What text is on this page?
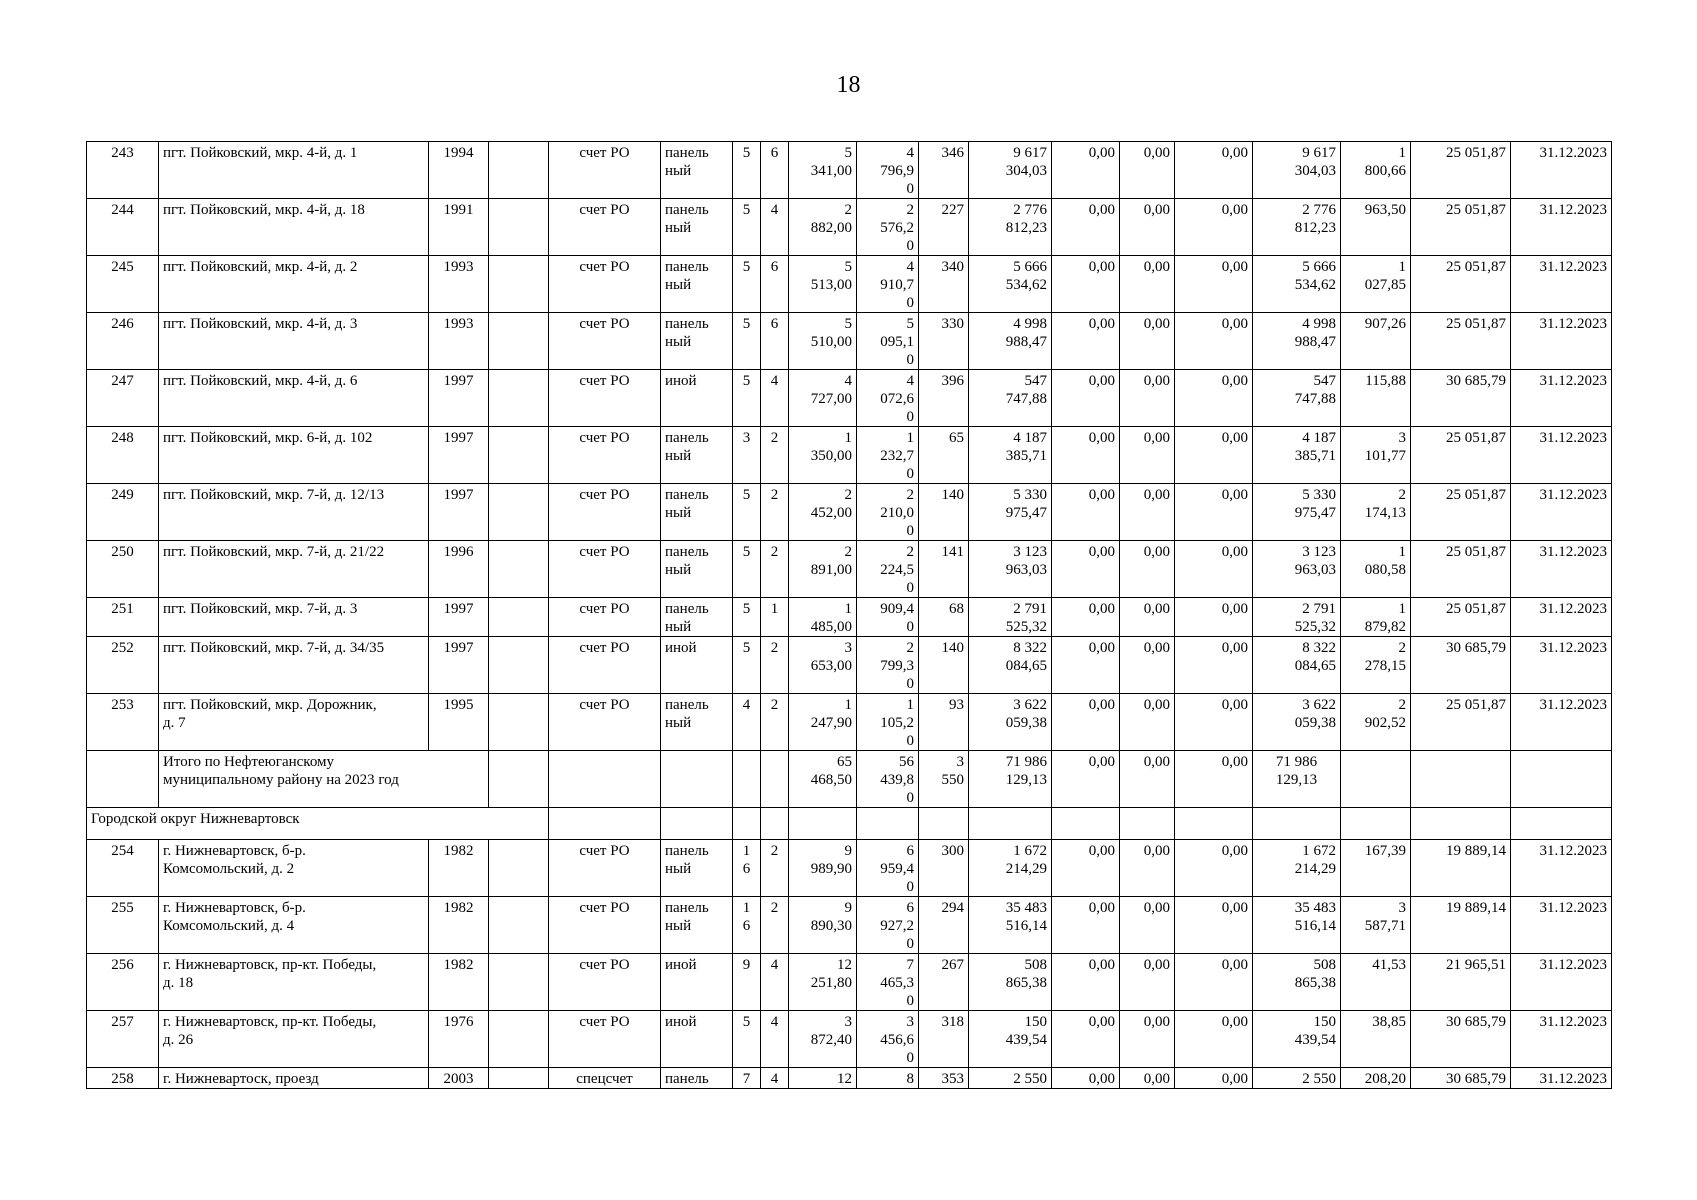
18
243	пгт. Пойковский, мкр. 4-й, д. 1	1994		счет РО	панель
ный	5	6	5
341,00	4
796,9
0	346	9 617
304,03	0,00	0,00	0,00	9 617
304,03	1
800,66	25 051,87	31.12.2023
244	пгт. Пойковский, мкр. 4-й, д. 18	1991		счет РО	панель
ный	5	4	2
882,00	2
576,2
0	227	2 776
812,23	0,00	0,00	0,00	2 776
812,23	963,50	25 051,87	31.12.2023
245	пгт. Пойковский, мкр. 4-й, д. 2	1993		счет РО	панель
ный	5	6	5
513,00	4
910,7
0	340	5 666
534,62	0,00	0,00	0,00	5 666
534,62	1
027,85	25 051,87	31.12.2023
246	пгт. Пойковский, мкр. 4-й, д. 3	1993		счет РО	панель
ный	5	6	5
510,00	5
095,1
0	330	4 998
988,47	0,00	0,00	0,00	4 998
988,47	907,26	25 051,87	31.12.2023
247	пгт. Пойковский, мкр. 4-й, д. 6	1997		счет РО	иной	5	4	4
727,00	4
072,6
0	396	547
747,88	0,00	0,00	0,00	547
747,88	115,88	30 685,79	31.12.2023
248	пгт. Пойковский, мкр. 6-й, д. 102	1997		счет РО	панель
ный	3	2	1
350,00	1
232,7
0	65	4 187
385,71	0,00	0,00	0,00	4 187
385,71	3
101,77	25 051,87	31.12.2023
249	пгт. Пойковский, мкр. 7-й, д. 12/13	1997		счет РО	панель
ный	5	2	2
452,00	2
210,0
0	140	5 330
975,47	0,00	0,00	0,00	5 330
975,47	2
174,13	25 051,87	31.12.2023
250	пгт. Пойковский, мкр. 7-й, д. 21/22	1996		счет РО	панель
ный	5	2	2
891,00	2
224,5
0	141	3 123
963,03	0,00	0,00	0,00	3 123
963,03	1
080,58	25 051,87	31.12.2023
251	пгт. Пойковский, мкр. 7-й, д. 3	1997		счет РО	панель
ный	5	1	1
485,00	909,4
0	68	2 791
525,32	0,00	0,00	0,00	2 791
525,32	1
879,82	25 051,87	31.12.2023
252	пгт. Пойковский, мкр. 7-й, д. 34/35	1997		счет РО	иной	5	2	3
653,00	2
799,3
0	140	8 322
084,65	0,00	0,00	0,00	8 322
084,65	2
278,15	30 685,79	31.12.2023
253	пгт. Пойковский, мкр. Дорожник,
д. 7	1995		счет РО	панель
ный	4	2	1
247,90	1
105,2
0	93	3 622
059,38	0,00	0,00	0,00	3 622
059,38	2
902,52	25 051,87	31.12.2023
	Итого по Нефтеюганскому
муниципальному району на 2023 год							65
468,50	56
439,8
0	3
550	71 986
129,13	0,00	0,00	0,00	71 986
129,13			
Городской округ Нижневартовск																		
254	г. Нижневартовск, б-р.
Комсомольский, д. 2	1982		счет РО	панель
ный	1
6	2	9
989,90	6
959,4
0	300	1 672
214,29	0,00	0,00	0,00	1 672
214,29	167,39	19 889,14	31.12.2023
255	г. Нижневартовск, б-р.
Комсомольский, д. 4	1982		счет РО	панель
ный	1
6	2	9
890,30	6
927,2
0	294	35 483
516,14	0,00	0,00	0,00	35 483
516,14	3
587,71	19 889,14	31.12.2023
256	г. Нижневартовск, пр-кт. Победы,
д. 18	1982		счет РО	иной	9	4	12
251,80	7
465,3
0	267	508
865,38	0,00	0,00	0,00	508
865,38	41,53	21 965,51	31.12.2023
257	г. Нижневартовск, пр-кт. Победы,
д. 26	1976		счет РО	иной	5	4	3
872,40	3
456,6
0	318	150
439,54	0,00	0,00	0,00	150
439,54	38,85	30 685,79	31.12.2023
258	г. Нижневартоск, проезд	2003		спецсчет	панель	7	4	12	8	353	2 550	0,00	0,00	0,00	2 550	208,20	30 685,79	31.12.2023
